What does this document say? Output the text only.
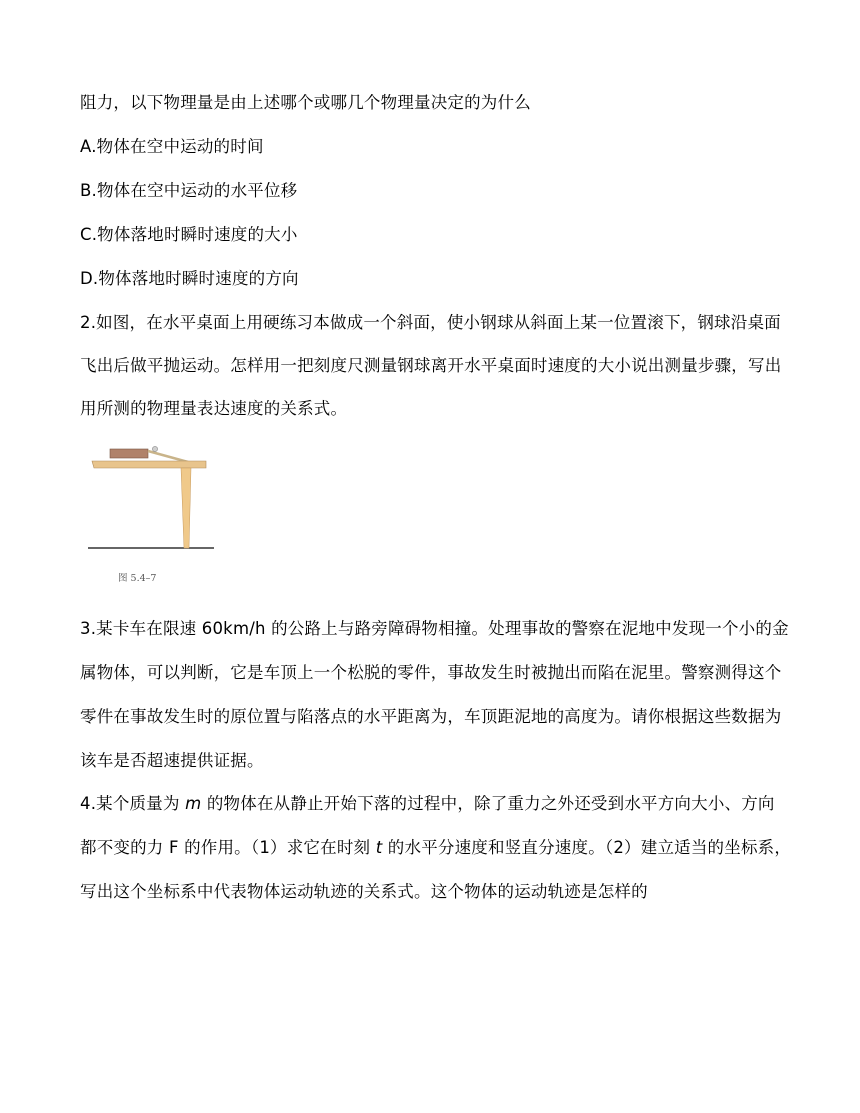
阻力，以下物理量是由上述哪个或哪几个物理量决定的为什么
A.物体在空中运动的时间
B.物体在空中运动的水平位移
C.物体落地时瞬时速度的大小
D.物体落地时瞬时速度的方向
2.如图，在水平桌面上用硬练习本做成一个斜面，使小钢球从斜面上某一位置滚下，钢球沿桌面
飞出后做平抛运动。怎样用一把刻度尺测量钢球离开水平桌面时速度的大小说出测量步骤，写出
用所测的物理量表达速度的关系式。
图 5.4–7
3.某卡车在限速 60km/h 的公路上与路旁障碍物相撞。处理事故的警察在泥地中发现一个小的金
属物体，可以判断，它是车顶上一个松脱的零件，事故发生时被抛出而陷在泥里。警察测得这个
零件在事故发生时的原位置与陷落点的水平距离为，车顶距泥地的高度为。请你根据这些数据为
该车是否超速提供证据。
4.某个质量为 m 的物体在从静止开始下落的过程中，除了重力之外还受到水平方向大小、方向
都不变的力 F 的作用。（1）求它在时刻 t 的水平分速度和竖直分速度。（2）建立适当的坐标系，
写出这个坐标系中代表物体运动轨迹的关系式。这个物体的运动轨迹是怎样的
